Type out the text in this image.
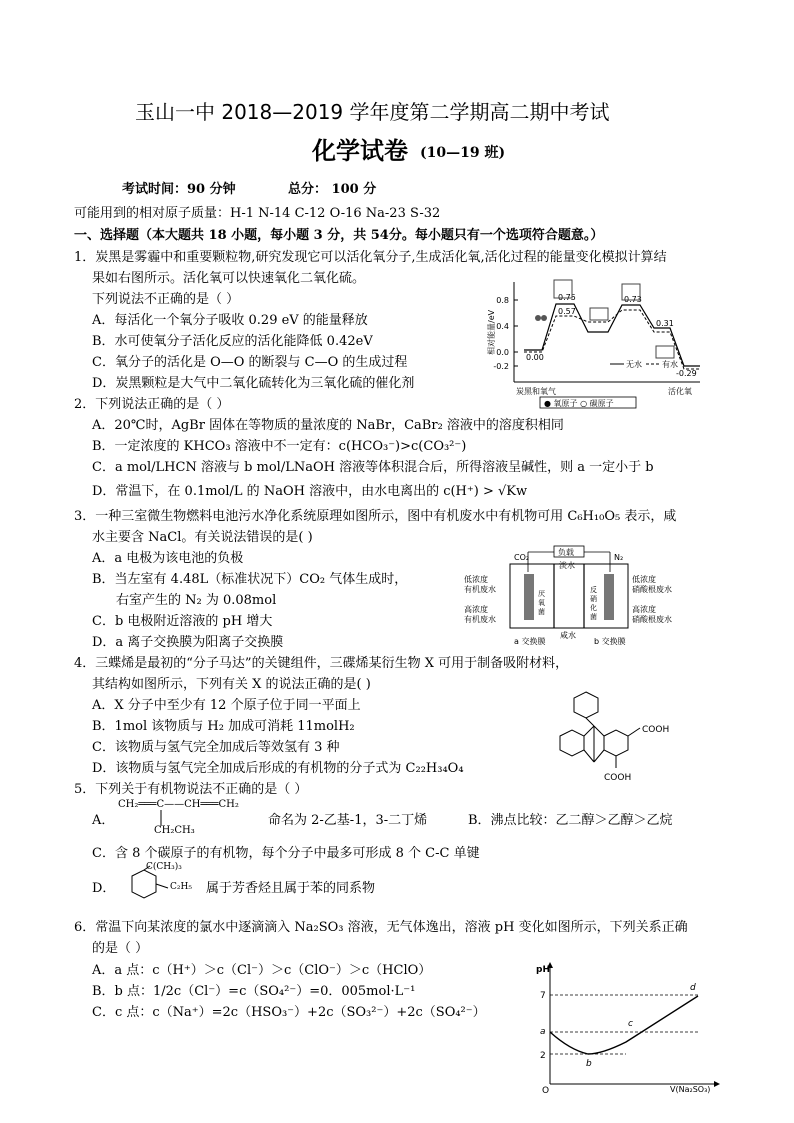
玉山一中 2018—2019 学年度第二学期高二期中考试
化学试卷 (10—19 班)
考试时间：90 分钟	总分： 100 分
可能用到的相对原子质量：H-1 N-14 C-12 O-16 Na-23 S-32
一、选择题（本大题共 18 小题，每小题 3 分，共 54分。每小题只有一个选项符合题意。）
1．炭黑是雾霾中和重要颗粒物,研究发现它可以活化氧分子,生成活化氧,活化过程的能量变化模拟计算结
果如右图所示。活化氧可以快速氧化二氧化硫。
下列说法不正确的是（ ）
A．每活化一个氧分子吸收 0.29 eV 的能量释放
B．水可使氧分子活化反应的活化能降低 0.42eV
C．氧分子的活化是 O—O 的断裂与 C—O 的生成过程
D．炭黑颗粒是大气中二氧化硫转化为三氧化硫的催化剂
0.8
0.4
0.0
-0.2
相对能量/eV
0.75
0.57
0.73
0.31
0.00
-0.29
无水	有水
炭黑和氧气	活化氧
● 氧原子 ○ 碳原子
2．下列说法正确的是（ ）
A．20℃时，AgBr 固体在等物质的量浓度的 NaBr，CaBr₂ 溶液中的溶度积相同
B．一定浓度的 KHCO₃ 溶液中不一定有：c(HCO₃⁻)>c(CO₃²⁻)
C．a mol/LHCN 溶液与 b mol/LNaOH 溶液等体积混合后，所得溶液呈碱性，则 a 一定小于 b
D．常温下，在 0.1mol/L 的 NaOH 溶液中，由水电离出的 c(H⁺) > √Kw
3．一种三室微生物燃料电池污水净化系统原理如图所示，图中有机废水中有机物可用 C₆H₁₀O₅ 表示，咸
水主要含 NaCl。有关说法错误的是( )
A．a 电极为该电池的负极
B．当左室有 4.48L（标准状况下）CO₂ 气体生成时，
右室产生的 N₂ 为 0.08mol
C．b 电极附近溶液的 pH 增大
D．a 离子交换膜为阳离子交换膜
负载
CO₂	N₂
淡水
低浓度
有机废水
高浓度
有机废水
低浓度
硝酸根废水
高浓度
硝酸根废水
厌
氧
菌
反
硝
化
菌
咸水
a 交换膜	b 交换膜
4．三蝶烯是最初的“分子马达”的关键组件，三碟烯某衍生物 X 可用于制备吸附材料，
其结构如图所示，下列有关 X 的说法正确的是( )
A．X 分子中至少有 12 个原子位于同一平面上
B．1mol 该物质与 H₂ 加成可消耗 11molH₂
C．该物质与氢气完全加成后等效氢有 3 种
D．该物质与氢气完全加成后形成的有机物的分子式为 C₂₂H₃₄O₄
COOH
COOH
5．下列关于有机物说法不正确的是（ ）
CH₂═══C——CH═══CH₂
A．	命名为 2-乙基-1，3-二丁烯	B．沸点比较：乙二醇＞乙醇＞乙烷
CH₂CH₃
C．含 8 个碳原子的有机物，每个分子中最多可形成 8 个 C-C 单键
D．
C(CH₃)₃
C₂H₅ 属于芳香烃且属于苯的同系物
6．常温下向某浓度的氯水中逐滴滴入 Na₂SO₃ 溶液，无气体逸出，溶液 pH 变化如图所示，下列关系正确
的是（ ）
A．a 点：c（H⁺）＞c（Cl⁻）＞c（ClO⁻）＞c（HClO）
B．b 点：1/2c（Cl⁻）=c（SO₄²⁻）=0．005mol·L⁻¹
C．c 点：c（Na⁺）=2c（HSO₃⁻）+2c（SO₃²⁻）+2c（SO₄²⁻）
pH
7
2
O	V(Na₂SO₃)
a
b
c
d
